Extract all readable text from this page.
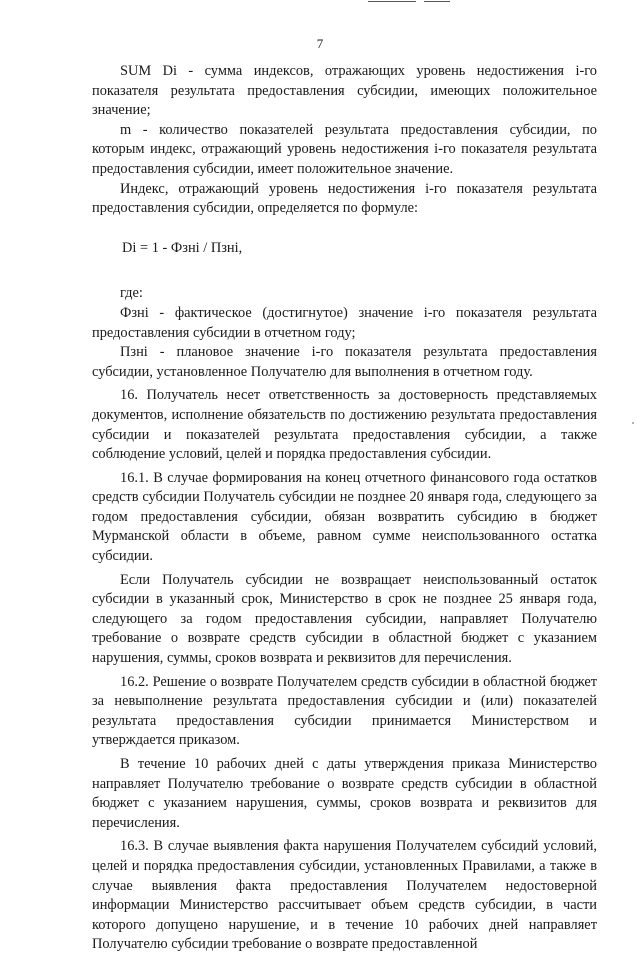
7

SUM Di - сумма индексов, отражающих уровень недостижения i-го показателя результата предоставления субсидии, имеющих положительное значение;

m - количество показателей результата предоставления субсидии, по которым индекс, отражающий уровень недостижения i-го показателя результата предоставления субсидии, имеет положительное значение.

Индекс, отражающий уровень недостижения i-го показателя результата предоставления субсидии, определяется по формуле:

Di = 1 - Фзнi / Пзнi,

где:

Фзнi - фактическое (достигнутое) значение i-го показателя результата предоставления субсидии в отчетном году;

Пзнi - плановое значение i-го показателя результата предоставления субсидии, установленное Получателю для выполнения в отчетном году.

16. Получатель несет ответственность за достоверность представляемых документов, исполнение обязательств по достижению результата предоставления субсидии и показателей результата предоставления субсидии, а также соблюдение условий, целей и порядка предоставления субсидии.

16.1. В случае формирования на конец отчетного финансового года остатков средств субсидии Получатель субсидии не позднее 20 января года, следующего за годом предоставления субсидии, обязан возвратить субсидию в бюджет Мурманской области в объеме, равном сумме неиспользованного остатка субсидии.

Если Получатель субсидии не возвращает неиспользованный остаток субсидии в указанный срок, Министерство в срок не позднее 25 января года, следующего за годом предоставления субсидии, направляет Получателю требование о возврате средств субсидии в областной бюджет с указанием нарушения, суммы, сроков возврата и реквизитов для перечисления.

16.2. Решение о возврате Получателем средств субсидии в областной бюджет за невыполнение результата предоставления субсидии и (или) показателей результата предоставления субсидии принимается Министерством и утверждается приказом.

В течение 10 рабочих дней с даты утверждения приказа Министерство направляет Получателю требование о возврате средств субсидии в областной бюджет с указанием нарушения, суммы, сроков возврата и реквизитов для перечисления.

16.3. В случае выявления факта нарушения Получателем субсидий условий, целей и порядка предоставления субсидии, установленных Правилами, а также в случае выявления факта предоставления Получателем недостоверной информации Министерство рассчитывает объем средств субсидии, в части которого допущено нарушение, и в течение 10 рабочих дней направляет Получателю субсидии требование о возврате предоставленной
